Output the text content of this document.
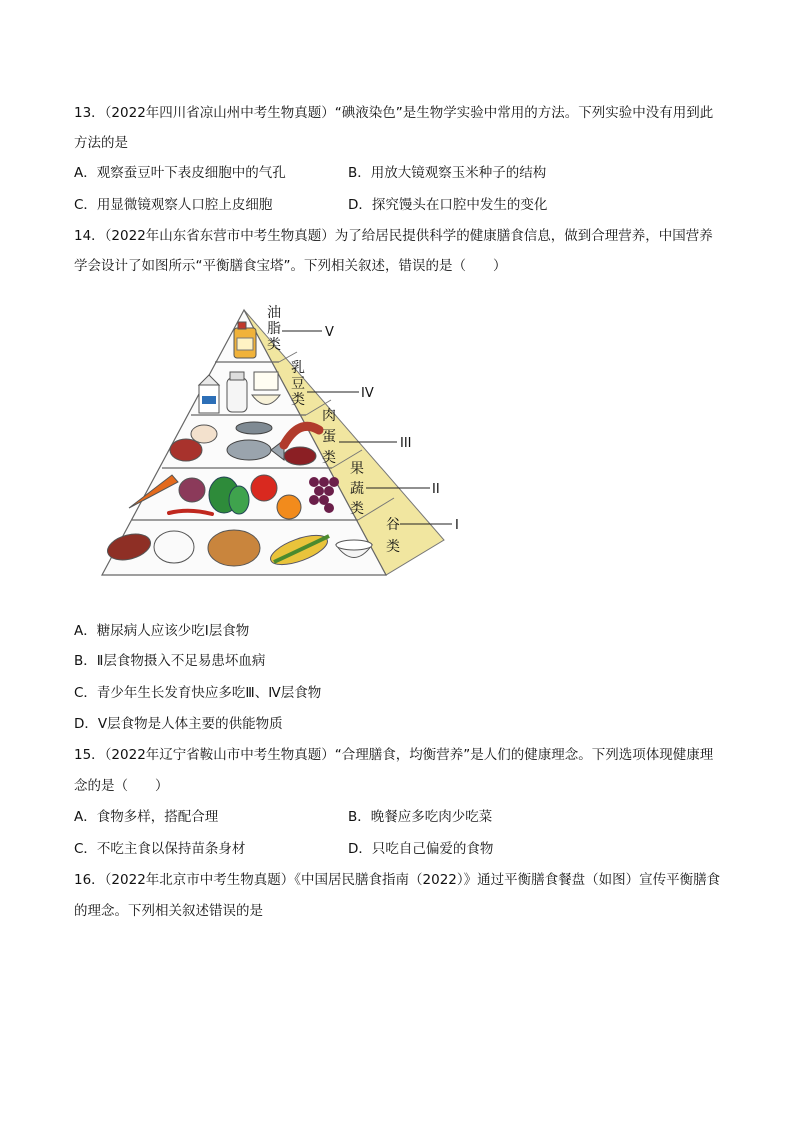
13．（2022年四川省凉山州中考生物真题）“碘液染色”是生物学实验中常用的方法。下列实验中没有用到此
方法的是
A．观察蚕豆叶下表皮细胞中的气孔	B．用放大镜观察玉米种子的结构
C．用显微镜观察人口腔上皮细胞	D．探究馒头在口腔中发生的变化
14．（2022年山东省东营市中考生物真题）为了给居民提供科学的健康膳食信息，做到合理营养，中国营养
学会设计了如图所示“平衡膳食宝塔”。下列相关叙述，错误的是（　　）
油
脂
类
乳
豆
类
肉
蛋
类
果
蔬
类
谷
类
V
IV
III
II
I
A．糖尿病人应该少吃Ⅰ层食物
B．Ⅱ层食物摄入不足易患坏血病
C．青少年生长发育快应多吃Ⅲ、Ⅳ层食物
D．Ⅴ层食物是人体主要的供能物质
15．（2022年辽宁省鞍山市中考生物真题）“合理膳食，均衡营养”是人们的健康理念。下列选项体现健康理
念的是（　　）
A．食物多样，搭配合理	B．晚餐应多吃肉少吃菜
C．不吃主食以保持苗条身材	D．只吃自己偏爱的食物
16．（2022年北京市中考生物真题）《中国居民膳食指南（2022）》通过平衡膳食餐盘（如图）宣传平衡膳食
的理念。下列相关叙述错误的是
